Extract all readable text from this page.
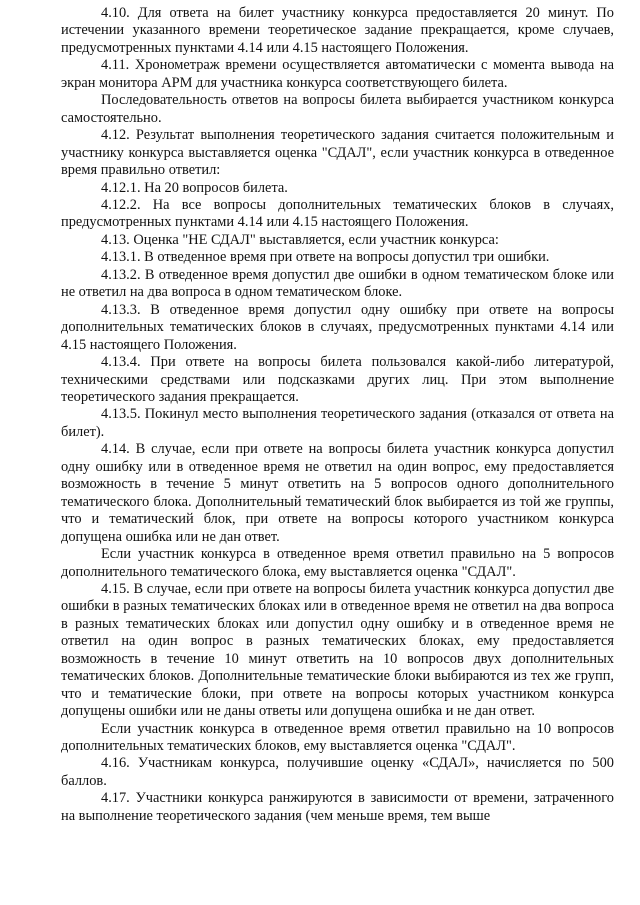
4.10. Для ответа на билет участнику конкурса предоставляется 20 минут. По истечении указанного времени теоретическое задание прекращается, кроме случаев, предусмотренных пунктами 4.14 или 4.15 настоящего Положения.

4.11. Хронометраж времени осуществляется автоматически с момента вывода на экран монитора АРМ для участника конкурса соответствующего билета.

Последовательность ответов на вопросы билета выбирается участником конкурса самостоятельно.

4.12. Результат выполнения теоретического задания считается положительным и участнику конкурса выставляется оценка "СДАЛ", если участник конкурса в отведенное время правильно ответил:

4.12.1. На 20 вопросов билета.

4.12.2. На все вопросы дополнительных тематических блоков в случаях, предусмотренных пунктами 4.14 или 4.15 настоящего Положения.

4.13. Оценка "НЕ СДАЛ" выставляется, если участник конкурса:

4.13.1. В отведенное время при ответе на вопросы допустил три ошибки.

4.13.2. В отведенное время допустил две ошибки в одном тематическом блоке или не ответил на два вопроса в одном тематическом блоке.

4.13.3. В отведенное время допустил одну ошибку при ответе на вопросы дополнительных тематических блоков в случаях, предусмотренных пунктами 4.14 или 4.15 настоящего Положения.

4.13.4. При ответе на вопросы билета пользовался какой-либо литературой, техническими средствами или подсказками других лиц. При этом выполнение теоретического задания прекращается.

4.13.5. Покинул место выполнения теоретического задания (отказался от ответа на билет).

4.14. В случае, если при ответе на вопросы билета участник конкурса допустил одну ошибку или в отведенное время не ответил на один вопрос, ему предоставляется возможность в течение 5 минут ответить на 5 вопросов одного дополнительного тематического блока. Дополнительный тематический блок выбирается из той же группы, что и тематический блок, при ответе на вопросы которого участником конкурса допущена ошибка или не дан ответ.

Если участник конкурса в отведенное время ответил правильно на 5 вопросов дополнительного тематического блока, ему выставляется оценка "СДАЛ".

4.15. В случае, если при ответе на вопросы билета участник конкурса допустил две ошибки в разных тематических блоках или в отведенное время не ответил на два вопроса в разных тематических блоках или допустил одну ошибку и в отведенное время не ответил на один вопрос в разных тематических блоках, ему предоставляется возможность в течение 10 минут ответить на 10 вопросов двух дополнительных тематических блоков. Дополнительные тематические блоки выбираются из тех же групп, что и тематические блоки, при ответе на вопросы которых участником конкурса допущены ошибки или не даны ответы или допущена ошибка и не дан ответ.

Если участник конкурса в отведенное время ответил правильно на 10 вопросов дополнительных тематических блоков, ему выставляется оценка "СДАЛ".

4.16. Участникам конкурса, получившие оценку «СДАЛ», начисляется по 500 баллов.

4.17. Участники конкурса ранжируются в зависимости от времени, затраченного на выполнение теоретического задания (чем меньше время, тем выше
